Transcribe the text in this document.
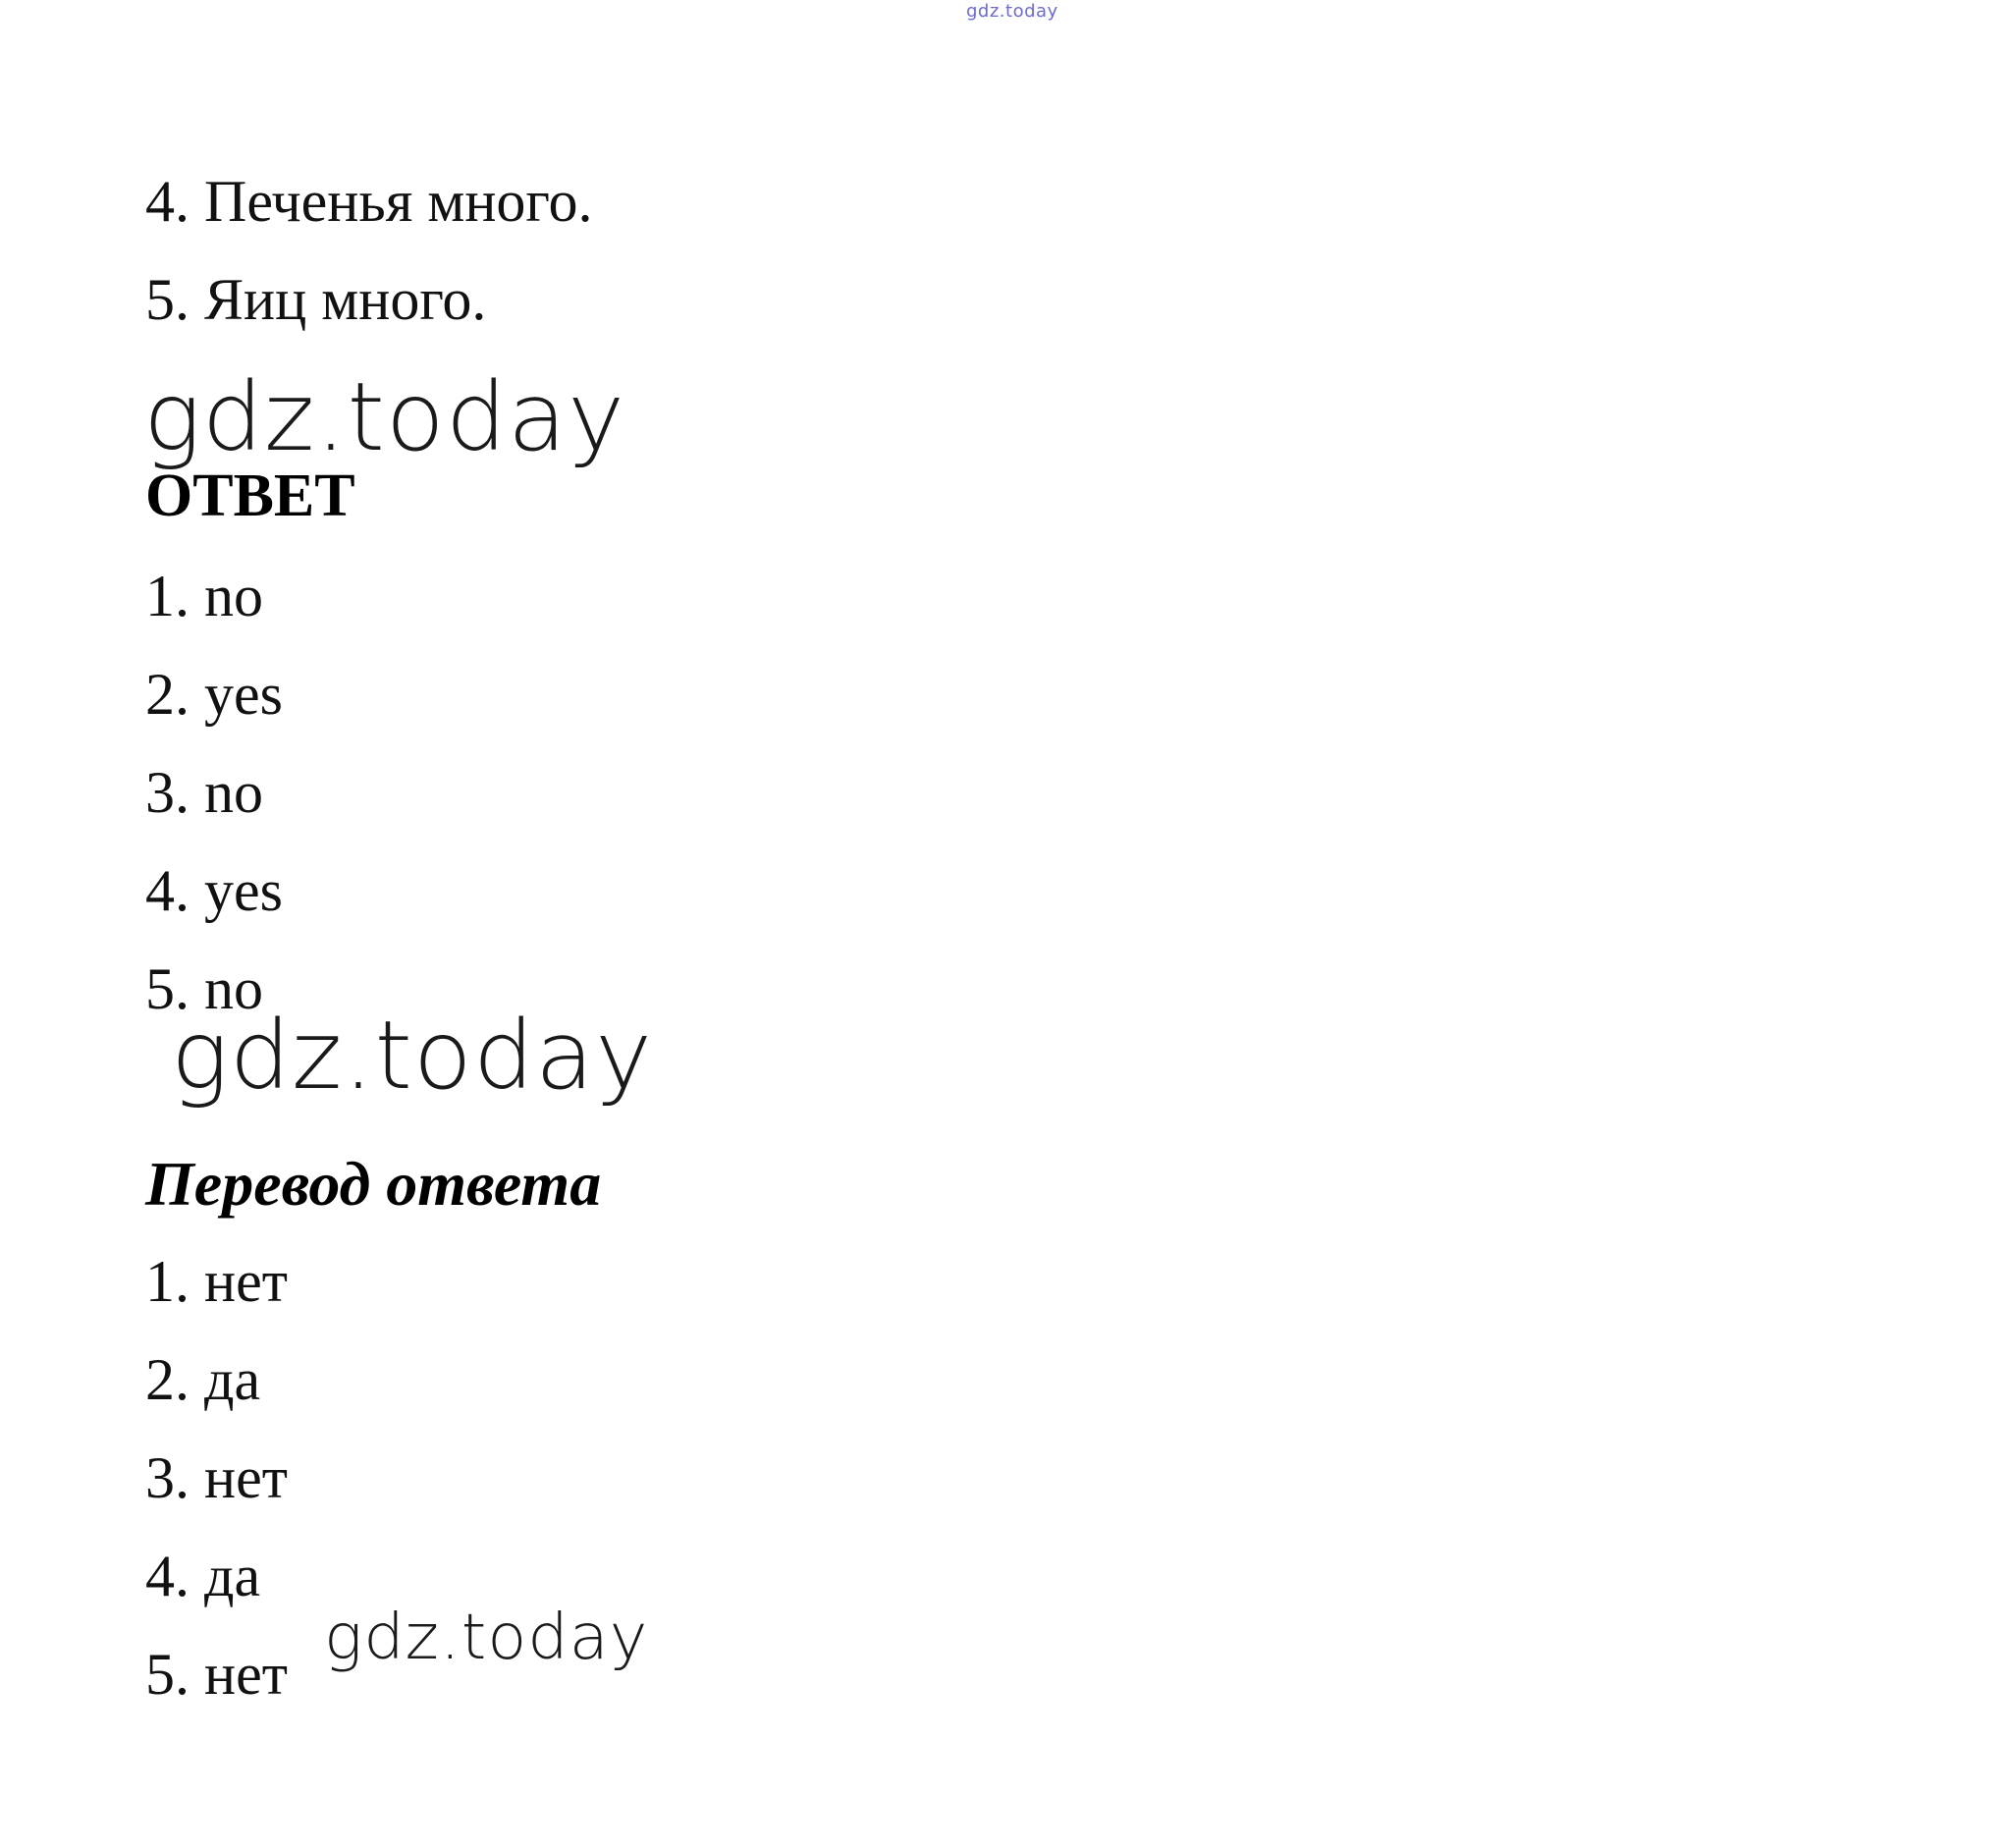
gdz.today
4. Печенья много.
5. Яиц много.
gdz.today
ОТВЕТ
1. no
2. yes
3. no
4. yes
5. no
gdz.today
Перевод ответа
1. нет
2. да
3. нет
4. да
5. нет gdz.today
